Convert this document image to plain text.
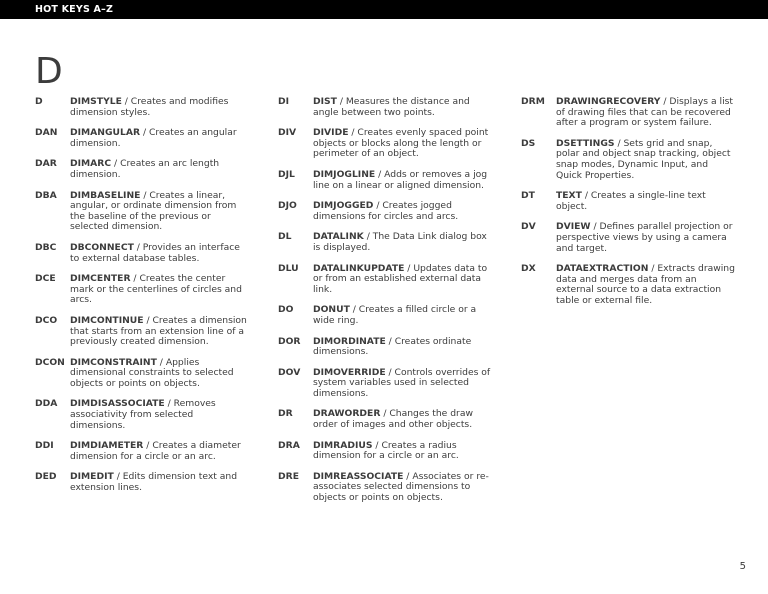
HOT KEYS A–Z
D
D	DIMSTYLE / Creates and modifies dimension styles.
DAN DIMANGULAR / Creates an angular dimension.
DAR DIMARC / Creates an arc length dimension.
DBA DIMBASELINE / Creates a linear, angular, or ordinate dimension from the baseline of the previous or selected dimension.
DBC DBCONNECT / Provides an interface to external database tables.
DCE DIMCENTER / Creates the center mark or the centerlines of circles and arcs.
DCO DIMCONTINUE / Creates a dimension that starts from an extension line of a previously created dimension.
DCON DIMCONSTRAINT / Applies dimensional constraints to selected objects or points on objects.
DDA DIMDISASSOCIATE / Removes associativity from selected dimensions.
DDI DIMDIAMETER / Creates a diameter dimension for a circle or an arc.
DED DIMEDIT / Edits dimension text and extension lines.
DI	DIST / Measures the distance and angle between two points.
DIV DIVIDE / Creates evenly spaced point objects or blocks along the length or perimeter of an object.
DJL DIMJOGLINE / Adds or removes a jog line on a linear or aligned dimension.
DJO DIMJOGGED / Creates jogged dimensions for circles and arcs.
DL DATALINK / The Data Link dialog box is displayed.
DLU DATALINKUPDATE / Updates data to or from an established external data link.
DO DONUT / Creates a filled circle or a wide ring.
DOR DIMORDINATE / Creates ordinate dimensions.
DOV DIMOVERRIDE / Controls overrides of system variables used in selected dimensions.
DR DRAWORDER / Changes the draw order of images and other objects.
DRA DIMRADIUS / Creates a radius dimension for a circle or an arc.
DRE DIMREASSOCIATE / Associates or re-associates selected dimensions to objects or points on objects.
DRM DRAWINGRECOVERY / Displays a list of drawing files that can be recovered after a program or system failure.
DS DSETTINGS / Sets grid and snap, polar and object snap tracking, object snap modes, Dynamic Input, and Quick Properties.
DT TEXT / Creates a single-line text object.
DV DVIEW / Defines parallel projection or perspective views by using a camera and target.
DX DATAEXTRACTION / Extracts drawing data and merges data from an external source to a data extraction table or external file.
5
